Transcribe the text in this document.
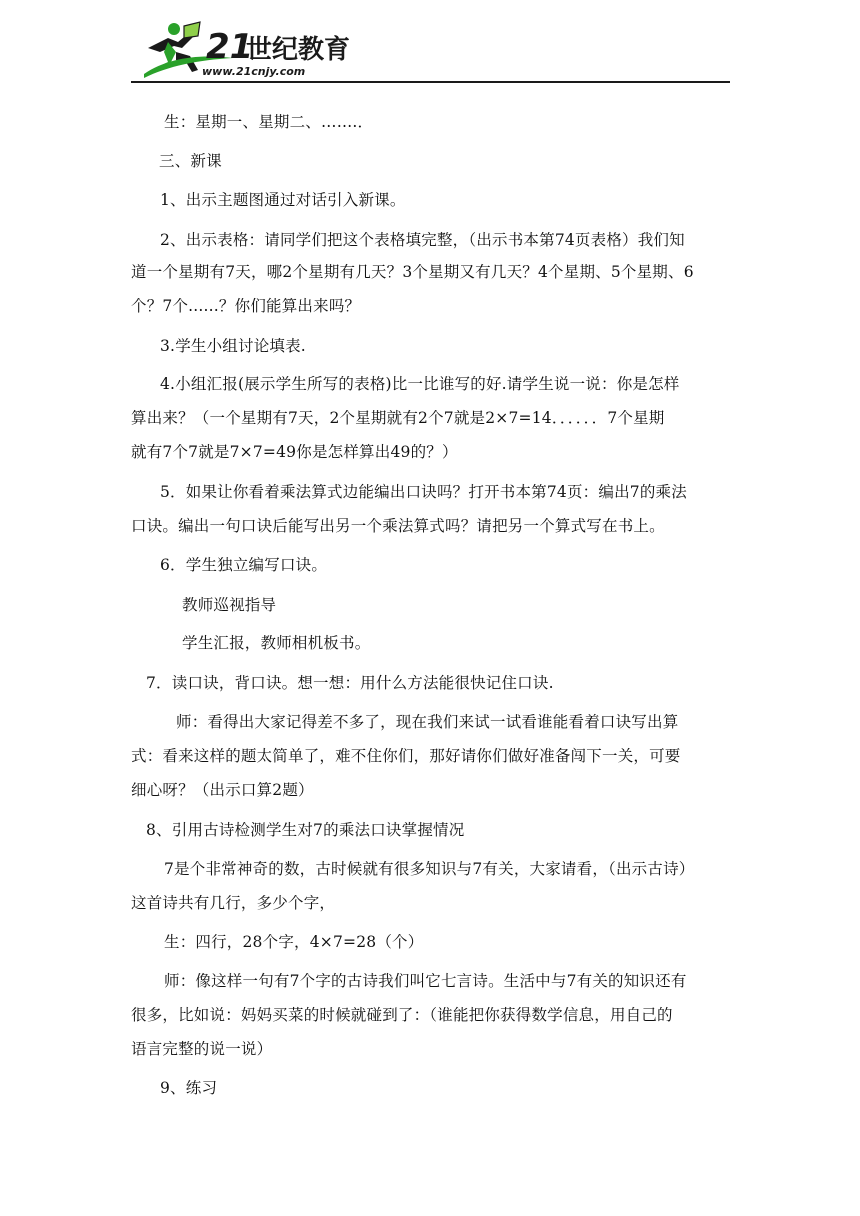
21
世纪教育
www.21cnjy.com
生：星期一、星期二、…….．
三、新课
1、出示主题图通过对话引入新课。
2、出示表格：请同学们把这个表格填完整，（出示书本第74页表格）我们知
道一个星期有7天，哪2个星期有几天？3个星期又有几天？4个星期、5个星期、6
个？7个......？你们能算出来吗？
3.学生小组讨论填表.
4.小组汇报(展示学生所写的表格)比一比谁写的好.请学生说一说：你是怎样
算出来？（一个星期有7天，2个星期就有2个7就是2×7=14．．．．．．7个星期
就有7个7就是7×7=49你是怎样算出49的？）
5．如果让你看着乘法算式边能编出口诀吗？打开书本第74页：编出7的乘法
口诀。编出一句口诀后能写出另一个乘法算式吗？请把另一个算式写在书上。
6．学生独立编写口诀。
教师巡视指导
学生汇报，教师相机板书。
7．读口诀，背口诀。想一想：用什么方法能很快记住口诀.
师：看得出大家记得差不多了，现在我们来试一试看谁能看着口诀写出算
式：看来这样的题太简单了，难不住你们，那好请你们做好准备闯下一关，可要
细心呀？（出示口算2题）
8、引用古诗检测学生对7的乘法口诀掌握情况
7是个非常神奇的数，古时候就有很多知识与7有关，大家请看，（出示古诗）
这首诗共有几行，多少个字，
生：四行，28个字，4×7=28（个）
师：像这样一句有7个字的古诗我们叫它七言诗。生活中与7有关的知识还有
很多，比如说：妈妈买菜的时候就碰到了：（谁能把你获得数学信息，用自己的
语言完整的说一说）
9、练习
